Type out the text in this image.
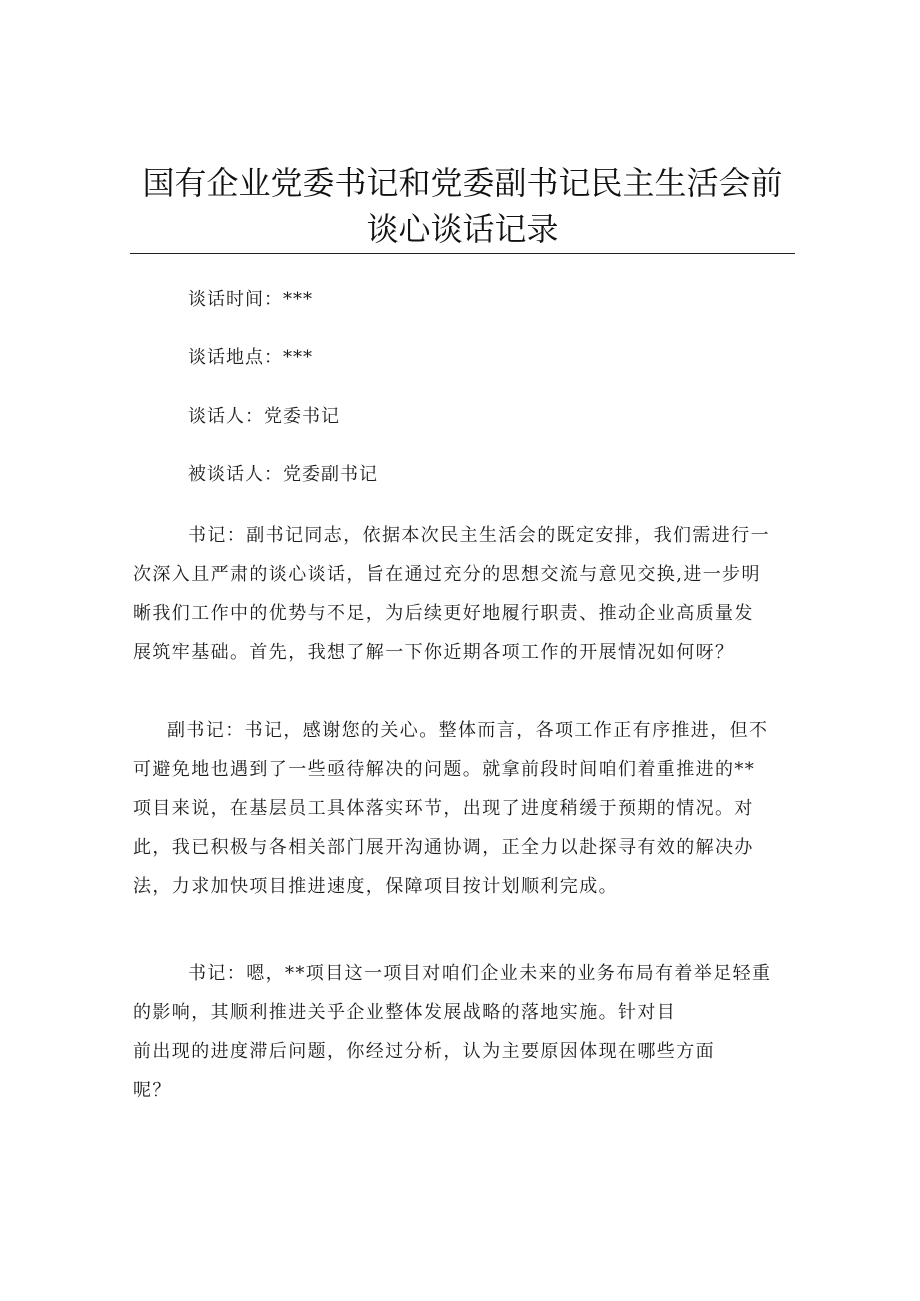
国有企业党委书记和党委副书记民主生活会前
谈心谈话记录
谈话时间：***
谈话地点：***
谈话人：党委书记
被谈话人：党委副书记
书记：副书记同志，依据本次民主生活会的既定安排，我们需进行一
次深入且严肃的谈心谈话，旨在通过充分的思想交流与意见交换,进一步明
晰我们工作中的优势与不足，为后续更好地履行职责、推动企业高质量发
展筑牢基础。首先，我想了解一下你近期各项工作的开展情况如何呀？
副书记：书记，感谢您的关心。整体而言，各项工作正有序推进，但不
可避免地也遇到了一些亟待解决的问题。就拿前段时间咱们着重推进的**
项目来说，在基层员工具体落实环节，出现了进度稍缓于预期的情况。对
此，我已积极与各相关部门展开沟通协调，正全力以赴探寻有效的解决办
法，力求加快项目推进速度，保障项目按计划顺利完成。
书记：嗯，**项目这一项目对咱们企业未来的业务布局有着举足轻重
的影响，其顺利推进关乎企业整体发展战略的落地实施。针对目
前出现的进度滞后问题，你经过分析，认为主要原因体现在哪些方面
呢？
